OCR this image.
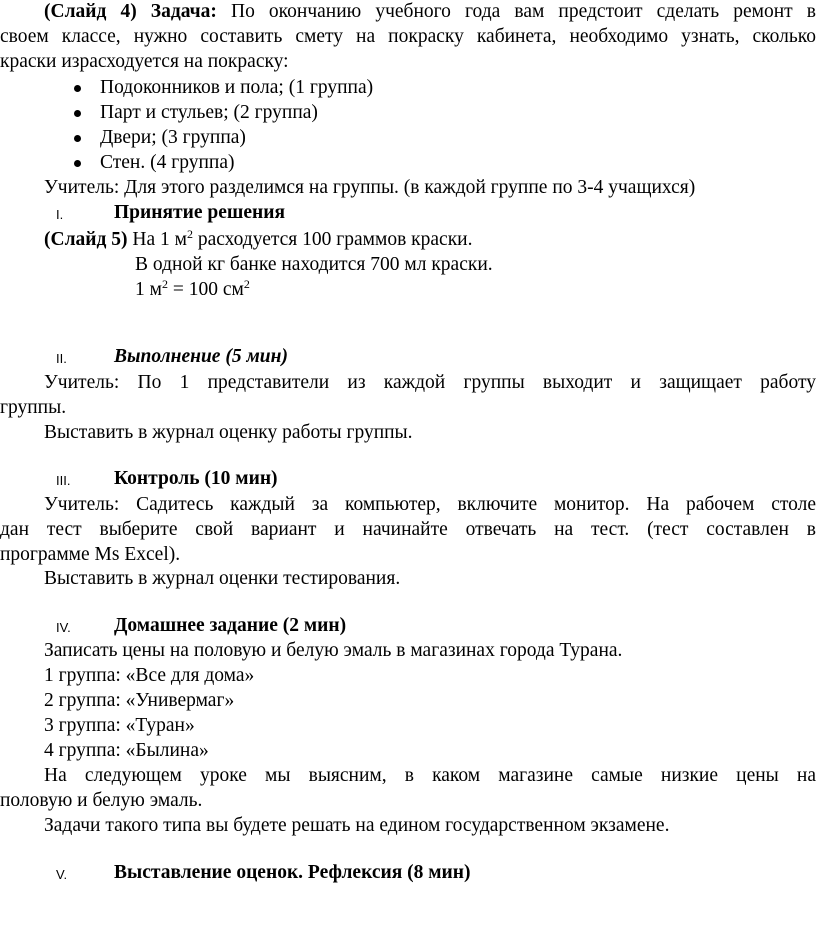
(Слайд 4) Задача: По окончанию учебного года вам предстоит сделать ремонт в
своем классе, нужно составить смету на покраску кабинета, необходимо узнать, сколько
краски израсходуется на покраску:
Подоконников и пола; (1 группа)
Парт и стульев; (2 группа)
Двери; (3 группа)
Стен. (4 группа)
Учитель: Для этого разделимся на группы. (в каждой группе по 3-4 учащихся)
I.	Принятие решения
(Слайд 5) На 1 $м^2$ расходуется 100 граммов краски.
В одной кг банке находится 700 мл краски.
1 $м^2 = 100$ $см^2$
II. Выполнение (5 мин)
Учитель: По 1 представители из каждой группы выходит и защищает работу
группы.
Выставить в журнал оценку работы группы.
III. Контроль (10 мин)
Учитель: Садитесь каждый за компьютер, включите монитор. На рабочем столе
дан тест выберите свой вариант и начинайте отвечать на тест. (тест составлен в
программе Ms Excel).
Выставить в журнал оценки тестирования.
IV. Домашнее задание (2 мин)
Записать цены на половую и белую эмаль в магазинах города Турана.
1 группа: «Все для дома»
2 группа: «Универмаг»
3 группа: «Туран»
4 группа: «Былина»
На следующем уроке мы выясним, в каком магазине самые низкие цены на
половую и белую эмаль.
Задачи такого типа вы будете решать на едином государственном экзамене.
V. Выставление оценок. Рефлексия (8 мин)
